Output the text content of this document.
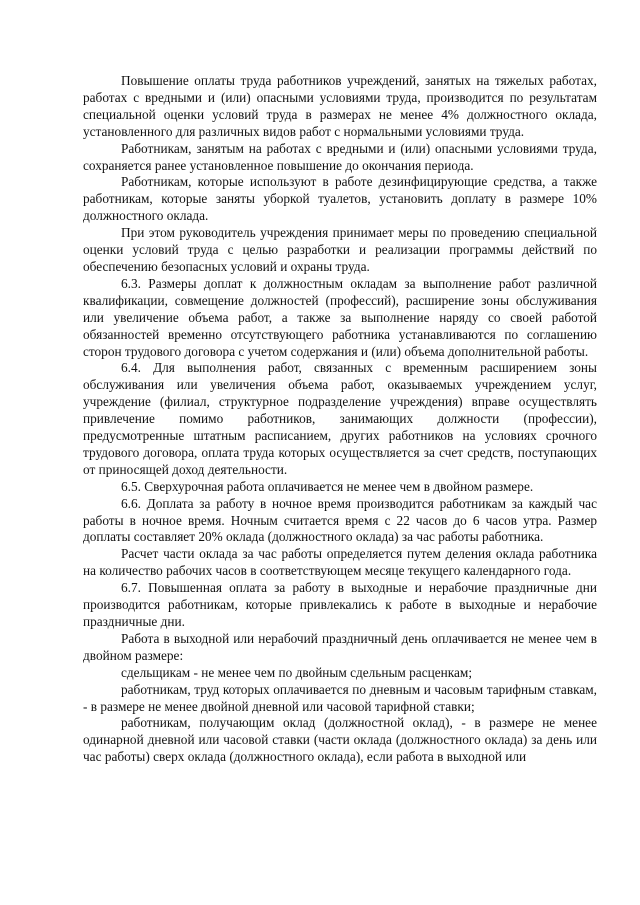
Повышение оплаты труда работников учреждений, занятых на тяжелых работах, работах с вредными и (или) опасными условиями труда, производится по результатам специальной оценки условий труда в размерах не менее 4% должностного оклада, установленного для различных видов работ с нормальными условиями труда.

Работникам, занятым на работах с вредными и (или) опасными условиями труда, сохраняется ранее установленное повышение до окончания периода.

Работникам, которые используют в работе дезинфицирующие средства, а также работникам, которые заняты уборкой туалетов, установить доплату в размере 10% должностного оклада.

При этом руководитель учреждения принимает меры по проведению специальной оценки условий труда с целью разработки и реализации программы действий по обеспечению безопасных условий и охраны труда.

6.3. Размеры доплат к должностным окладам за выполнение работ различной квалификации, совмещение должностей (профессий), расширение зоны обслуживания или увеличение объема работ, а также за выполнение наряду со своей работой обязанностей временно отсутствующего работника устанавливаются по соглашению сторон трудового договора с учетом содержания и (или) объема дополнительной работы.

6.4. Для выполнения работ, связанных с временным расширением зоны обслуживания или увеличения объема работ, оказываемых учреждением услуг, учреждение (филиал, структурное подразделение учреждения) вправе осуществлять привлечение помимо работников, занимающих должности (профессии), предусмотренные штатным расписанием, других работников на условиях срочного трудового договора, оплата труда которых осуществляется за счет средств, поступающих от приносящей доход деятельности.

6.5. Сверхурочная работа оплачивается не менее чем в двойном размере.

6.6. Доплата за работу в ночное время производится работникам за каждый час работы в ночное время. Ночным считается время с 22 часов до 6 часов утра. Размер доплаты составляет 20% оклада (должностного оклада) за час работы работника.

Расчет части оклада за час работы определяется путем деления оклада работника на количество рабочих часов в соответствующем месяце текущего календарного года.

6.7. Повышенная оплата за работу в выходные и нерабочие праздничные дни производится работникам, которые привлекались к работе в выходные и нерабочие праздничные дни.

Работа в выходной или нерабочий праздничный день оплачивается не менее чем в двойном размере:

сдельщикам - не менее чем по двойным сдельным расценкам;

работникам, труд которых оплачивается по дневным и часовым тарифным ставкам, - в размере не менее двойной дневной или часовой тарифной ставки;

работникам, получающим оклад (должностной оклад), - в размере не менее одинарной дневной или часовой ставки (части оклада (должностного оклада) за день или час работы) сверх оклада (должностного оклада), если работа в выходной или
